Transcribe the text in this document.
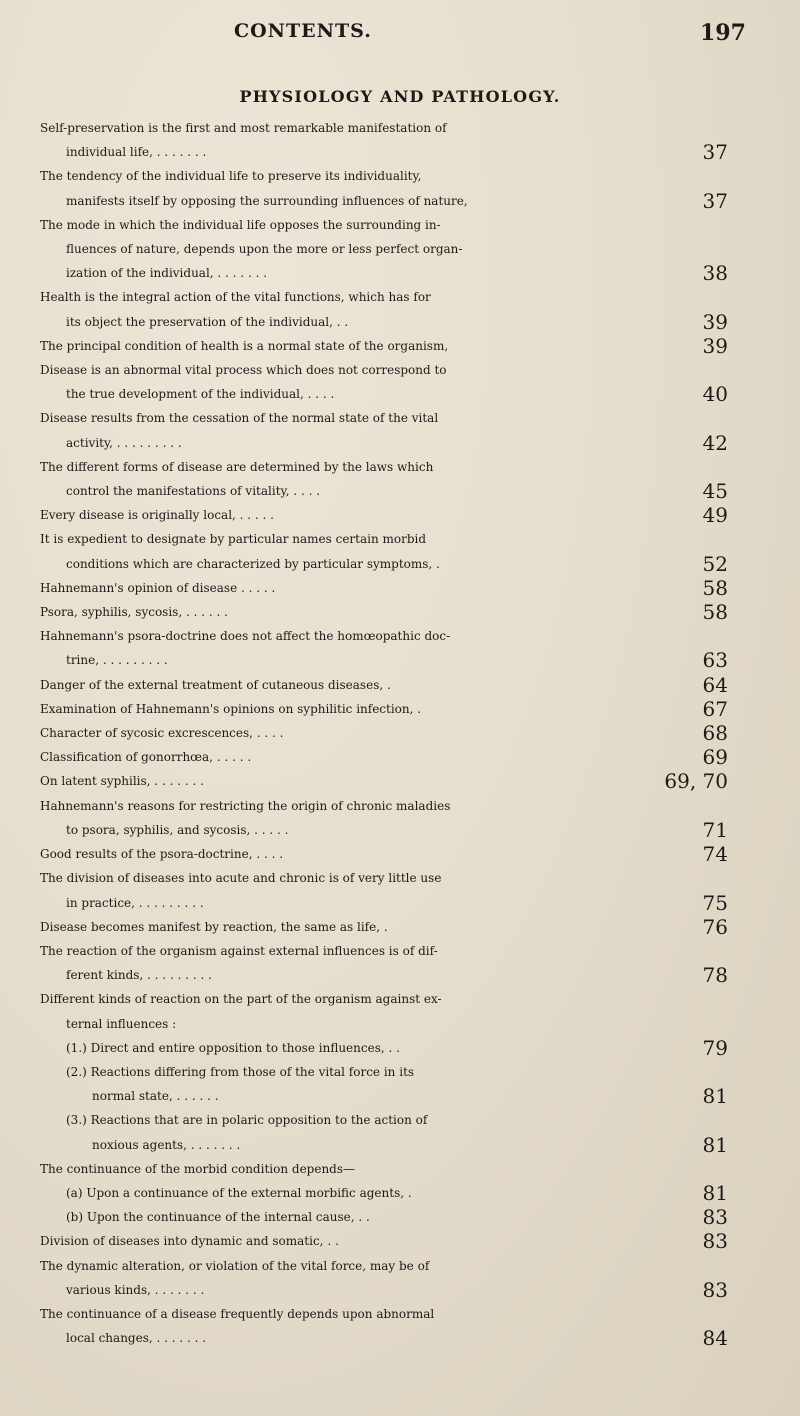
CONTENTS.	197
PHYSIOLOGY AND PATHOLOGY.
Self-preservation is the first and most remarkable manifestation of
individual life, . . . . . . .	37
The tendency of the individual life to preserve its individuality,
manifests itself by opposing the surrounding influences of nature,	37
The mode in which the individual life opposes the surrounding in-
fluences of nature, depends upon the more or less perfect organ-
ization of the individual, . . . . . . .	38
Health is the integral action of the vital functions, which has for
its object the preservation of the individual, . .	39
The principal condition of health is a normal state of the organism,	39
Disease is an abnormal vital process which does not correspond to
the true development of the individual, . . . .	40
Disease results from the cessation of the normal state of the vital
activity, . . . . . . . . .	42
The different forms of disease are determined by the laws which
control the manifestations of vitality, . . . .	45
Every disease is originally local, . . . . .	49
It is expedient to designate by particular names certain morbid
conditions which are characterized by particular symptoms, .	52
Hahnemann's opinion of disease . . . . .	58
Psora, syphilis, sycosis, . . . . . .	58
Hahnemann's psora-doctrine does not affect the homœopathic doc-
trine, . . . . . . . . .	63
Danger of the external treatment of cutaneous diseases, .	64
Examination of Hahnemann's opinions on syphilitic infection, .	67
Character of sycosic excrescences, . . . .	68
Classification of gonorrhœa, . . . . .	69
On latent syphilis, . . . . . . .	69, 70
Hahnemann's reasons for restricting the origin of chronic maladies
to psora, syphilis, and sycosis, . . . . .	71
Good results of the psora-doctrine, . . . .	74
The division of diseases into acute and chronic is of very little use
in practice, . . . . . . . . .	75
Disease becomes manifest by reaction, the same as life, .	76
The reaction of the organism against external influences is of dif-
ferent kinds, . . . . . . . . .	78
Different kinds of reaction on the part of the organism against ex-
ternal influences :
(1.) Direct and entire opposition to those influences, . .	79
(2.) Reactions differing from those of the vital force in its
normal state, . . . . . .	81
(3.) Reactions that are in polaric opposition to the action of
noxious agents, . . . . . . .	81
The continuance of the morbid condition depends—
(a) Upon a continuance of the external morbific agents, .	81
(b) Upon the continuance of the internal cause, . .	83
Division of diseases into dynamic and somatic, . .	83
The dynamic alteration, or violation of the vital force, may be of
various kinds, . . . . . . .	83
The continuance of a disease frequently depends upon abnormal
local changes, . . . . . . .	84
